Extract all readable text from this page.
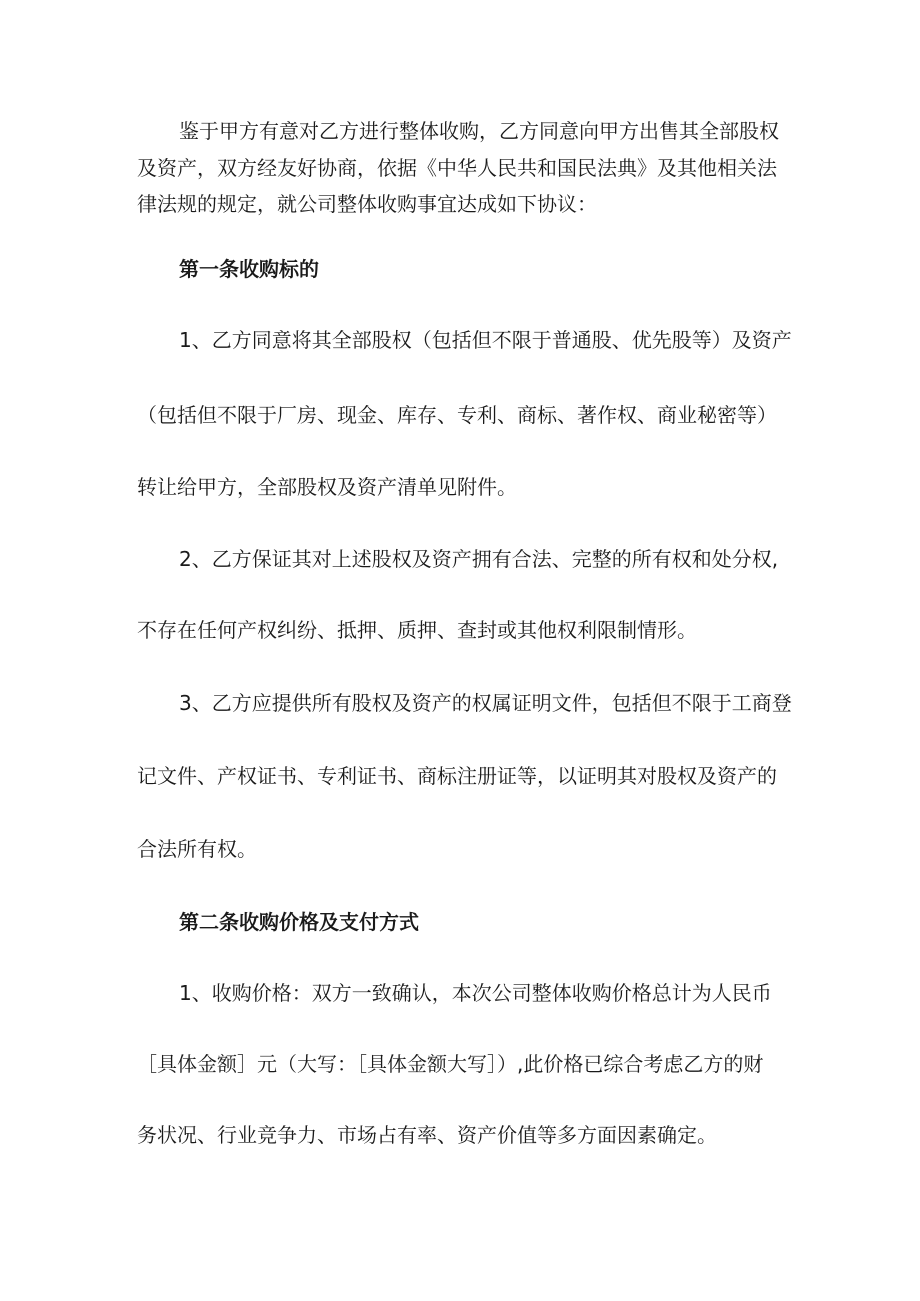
鉴于甲方有意对乙方进行整体收购，乙方同意向甲方出售其全部股权
及资产，双方经友好协商，依据《中华人民共和国民法典》及其他相关法
律法规的规定，就公司整体收购事宜达成如下协议：
第一条收购标的
1、乙方同意将其全部股权（包括但不限于普通股、优先股等）及资产
（包括但不限于厂房、现金、库存、专利、商标、著作权、商业秘密等）
转让给甲方，全部股权及资产清单见附件。
2、乙方保证其对上述股权及资产拥有合法、完整的所有权和处分权,
不存在任何产权纠纷、抵押、质押、查封或其他权利限制情形。
3、乙方应提供所有股权及资产的权属证明文件，包括但不限于工商登
记文件、产权证书、专利证书、商标注册证等，以证明其对股权及资产的
合法所有权。
第二条收购价格及支付方式
1、收购价格：双方一致确认，本次公司整体收购价格总计为人民币
［具体金额］元（大写：［具体金额大写］）,此价格已综合考虑乙方的财
务状况、行业竞争力、市场占有率、资产价值等多方面因素确定。
